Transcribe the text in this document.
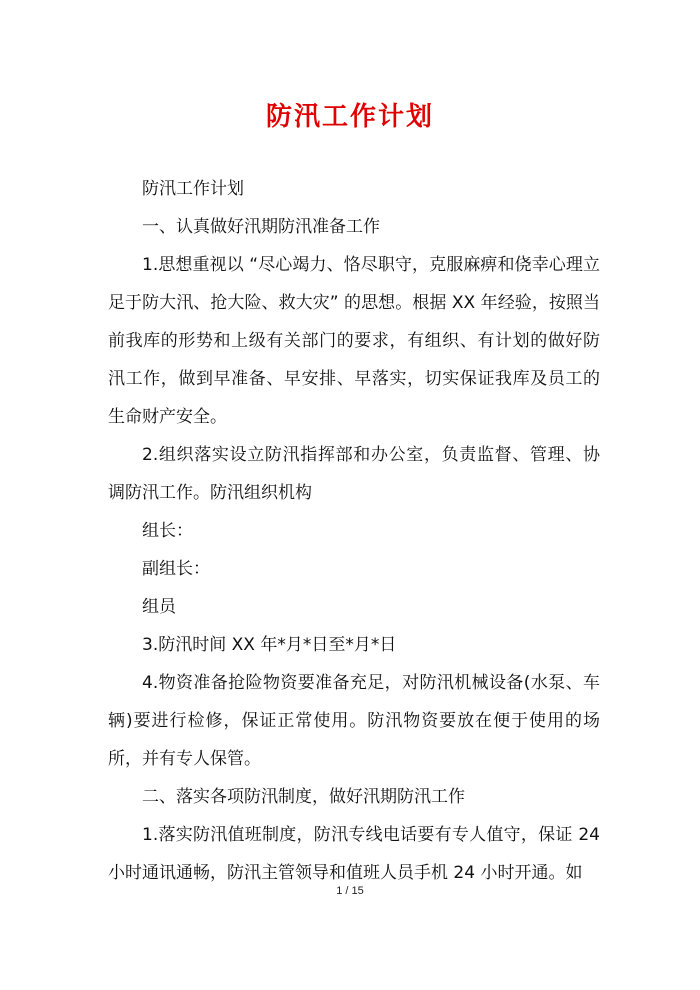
防汛工作计划

防汛工作计划

一、认真做好汛期防汛准备工作

1.思想重视以 “尽心竭力、恪尽职守，克服麻痹和侥幸心理立足于防大汛、抢大险、救大灾” 的思想。根据 XX 年经验，按照当前我库的形势和上级有关部门的要求，有组织、有计划的做好防汛工作，做到早准备、早安排、早落实，切实保证我库及员工的生命财产安全。

2.组织落实设立防汛指挥部和办公室，负责监督、管理、协调防汛工作。防汛组织机构

组长：

副组长：

组员

3.防汛时间 XX 年*月*日至*月*日

4.物资准备抢险物资要准备充足，对防汛机械设备(水泵、车辆)要进行检修，保证正常使用。防汛物资要放在便于使用的场所，并有专人保管。

二、落实各项防汛制度，做好汛期防汛工作

1.落实防汛值班制度，防汛专线电话要有专人值守，保证 24 小时通讯通畅，防汛主管领导和值班人员手机 24 小时开通。如

1 / 15
